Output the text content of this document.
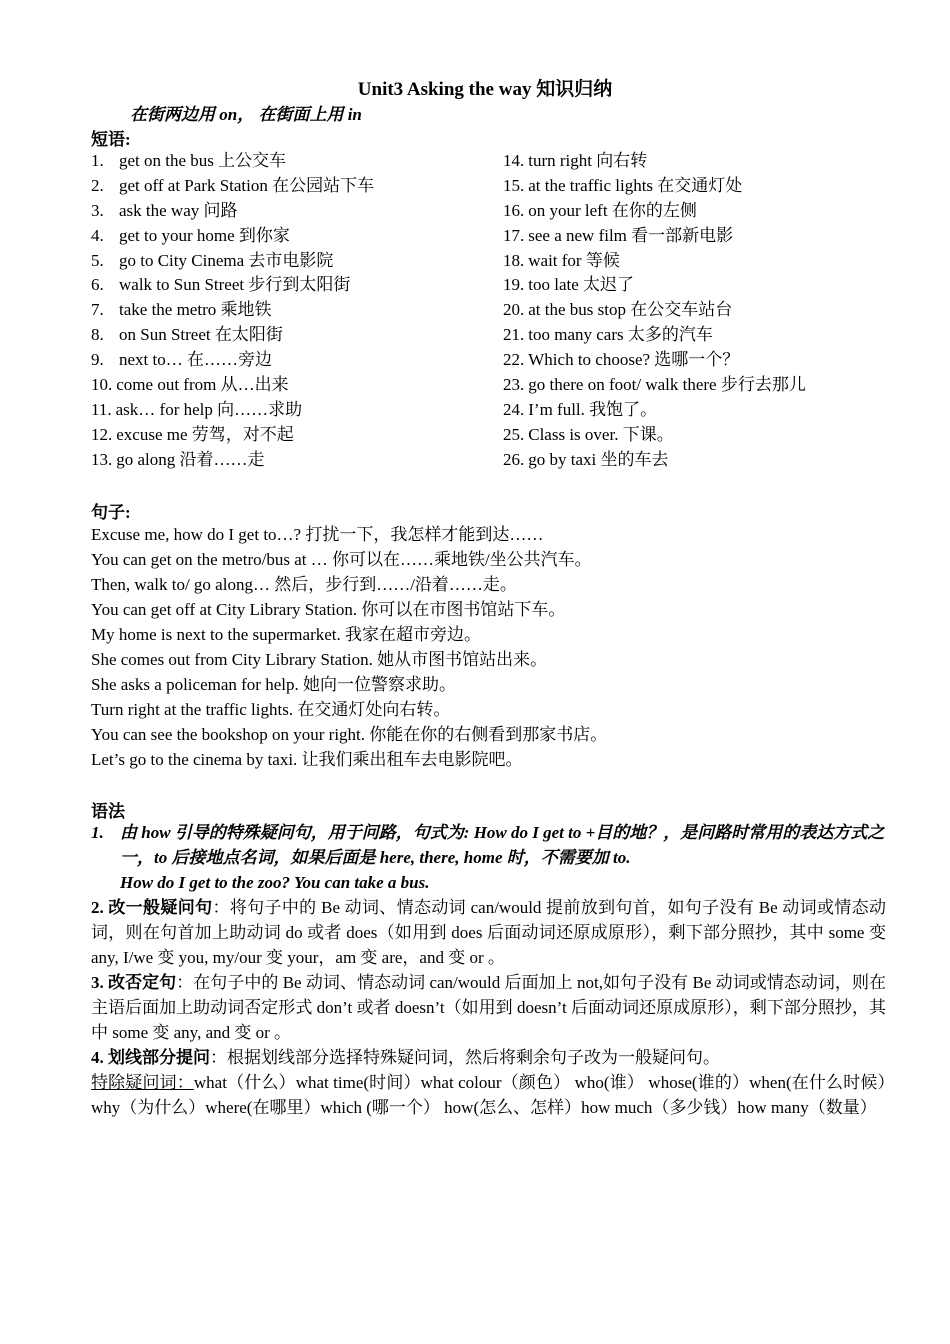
Unit3 Asking the way 知识归纳
在街两边用 on， 在街面上用 in
短语:
1. get on the bus 上公交车
2. get off at Park Station 在公园站下车
3. ask the way 问路
4. get to your home 到你家
5. go to City Cinema 去市电影院
6. walk to Sun Street 步行到太阳街
7. take the metro 乘地铁
8. on Sun Street 在太阳街
9. next to… 在……旁边
10. come out from 从…出来
11. ask… for help 向……求助
12. excuse me 劳驾，对不起
13. go along 沿着……走
14. turn right 向右转
15. at the traffic lights 在交通灯处
16. on your left 在你的左侧
17. see a new film 看一部新电影
18. wait for 等候
19. too late 太迟了
20. at the bus stop 在公交车站台
21. too many cars 太多的汽车
22. Which to choose? 选哪一个？
23. go there on foot/ walk there 步行去那儿
24. I’m full. 我饱了。
25. Class is over. 下课。
26. go by taxi 坐的车去
句子:
Excuse me, how do I get to…? 打扰一下，我怎样才能到达……
You can get on the metro/bus at … 你可以在……乘地铁/坐公共汽车。
Then, walk to/ go along… 然后，步行到……/沿着……走。
You can get off at City Library Station. 你可以在市图书馆站下车。
My home is next to the supermarket. 我家在超市旁边。
She comes out from City Library Station. 她从市图书馆站出来。
She asks a policeman for help. 她向一位警察求助。
Turn right at the traffic lights. 在交通灯处向右转。
You can see the bookshop on your right. 你能在你的右侧看到那家书店。
Let’s go to the cinema by taxi. 让我们乘出租车去电影院吧。
语法
1. 由 how 引导的特殊疑问句，用于问路，句式为: How do I get to +目的地？，是问路时常用的表达方式之一，to 后接地点名词，如果后面是 here, there, home 时，不需要加 to.
How do I get to the zoo? You can take a bus.
2. 改一般疑问句：将句子中的 Be 动词、情态动词 can/would 提前放到句首，如句子没有 Be 动词或情态动词，则在句首加上助动词 do 或者 does（如用到 does 后面动词还原成原形），剩下部分照抄，其中 some 变 any, I/we 变 you, my/our 变 your，am 变 are，and 变 or 。
3. 改否定句：在句子中的 Be 动词、情态动词 can/would 后面加上 not,如句子没有 Be 动词或情态动词，则在主语后面加上助动词否定形式 don’t 或者 doesn’t（如用到 doesn’t 后面动词还原成原形），剩下部分照抄，其中 some 变 any, and 变 or 。
4. 划线部分提问：根据划线部分选择特殊疑问词，然后将剩余句子改为一般疑问句。
特除疑问词：what（什么）what time(时间）what colour（颜色） who(谁） whose(谁的）when(在什么时候）why（为什么）where(在哪里）which (哪一个） how(怎么、怎样）how much（多少钱）how many（数量）
